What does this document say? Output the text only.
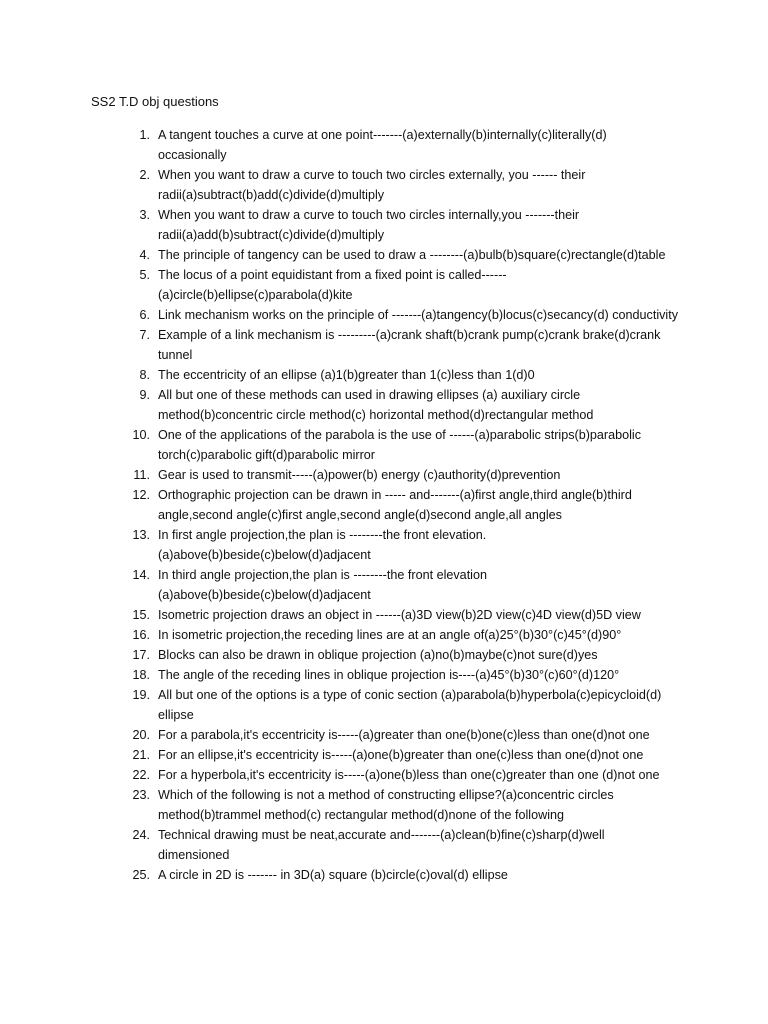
SS2 T.D obj questions
1. A tangent touches a curve at one point-------(a)externally(b)internally(c)literally(d) occasionally
2. When you want to draw a curve to touch two circles externally, you ------ their radii(a)subtract(b)add(c)divide(d)multiply
3. When you want to draw a curve to touch two circles internally,you -------their radii(a)add(b)subtract(c)divide(d)multiply
4. The principle of tangency can be used to draw a --------(a)bulb(b)square(c)rectangle(d)table
5. The locus of a point equidistant from a fixed point is called------ (a)circle(b)ellipse(c)parabola(d)kite
6. Link mechanism works on the principle of -------(a)tangency(b)locus(c)secancy(d) conductivity
7. Example of a link mechanism is ---------(a)crank shaft(b)crank pump(c)crank brake(d)crank tunnel
8. The eccentricity of an ellipse (a)1(b)greater than 1(c)less than 1(d)0
9. All but one of these methods can used in drawing ellipses (a) auxiliary circle method(b)concentric circle method(c) horizontal method(d)rectangular method
10. One of the applications of the parabola is the use of ------(a)parabolic strips(b)parabolic torch(c)parabolic gift(d)parabolic mirror
11. Gear is used to transmit-----(a)power(b) energy (c)authority(d)prevention
12. Orthographic projection can be drawn in ----- and-------(a)first angle,third angle(b)third angle,second angle(c)first angle,second angle(d)second angle,all angles
13. In first angle projection,the plan is --------the front elevation. (a)above(b)beside(c)below(d)adjacent
14. In third angle projection,the plan is --------the front elevation (a)above(b)beside(c)below(d)adjacent
15. Isometric projection draws an object in ------(a)3D view(b)2D view(c)4D view(d)5D view
16. In isometric projection,the receding lines are at an angle of(a)25°(b)30°(c)45°(d)90°
17. Blocks can also be drawn in oblique projection (a)no(b)maybe(c)not sure(d)yes
18. The angle of the receding lines in oblique projection is----(a)45°(b)30°(c)60°(d)120°
19. All but one of the options is a type of conic section (a)parabola(b)hyperbola(c)epicycloid(d) ellipse
20. For a parabola,it's eccentricity is-----(a)greater than one(b)one(c)less than one(d)not one
21. For an ellipse,it's eccentricity is-----(a)one(b)greater than one(c)less than one(d)not one
22. For a hyperbola,it's eccentricity is-----(a)one(b)less than one(c)greater than one (d)not one
23. Which of the following is not a method of constructing ellipse?(a)concentric circles method(b)trammel method(c) rectangular method(d)none of the following
24. Technical drawing must be neat,accurate and-------(a)clean(b)fine(c)sharp(d)well dimensioned
25. A circle in 2D is ------- in 3D(a) square (b)circle(c)oval(d) ellipse
